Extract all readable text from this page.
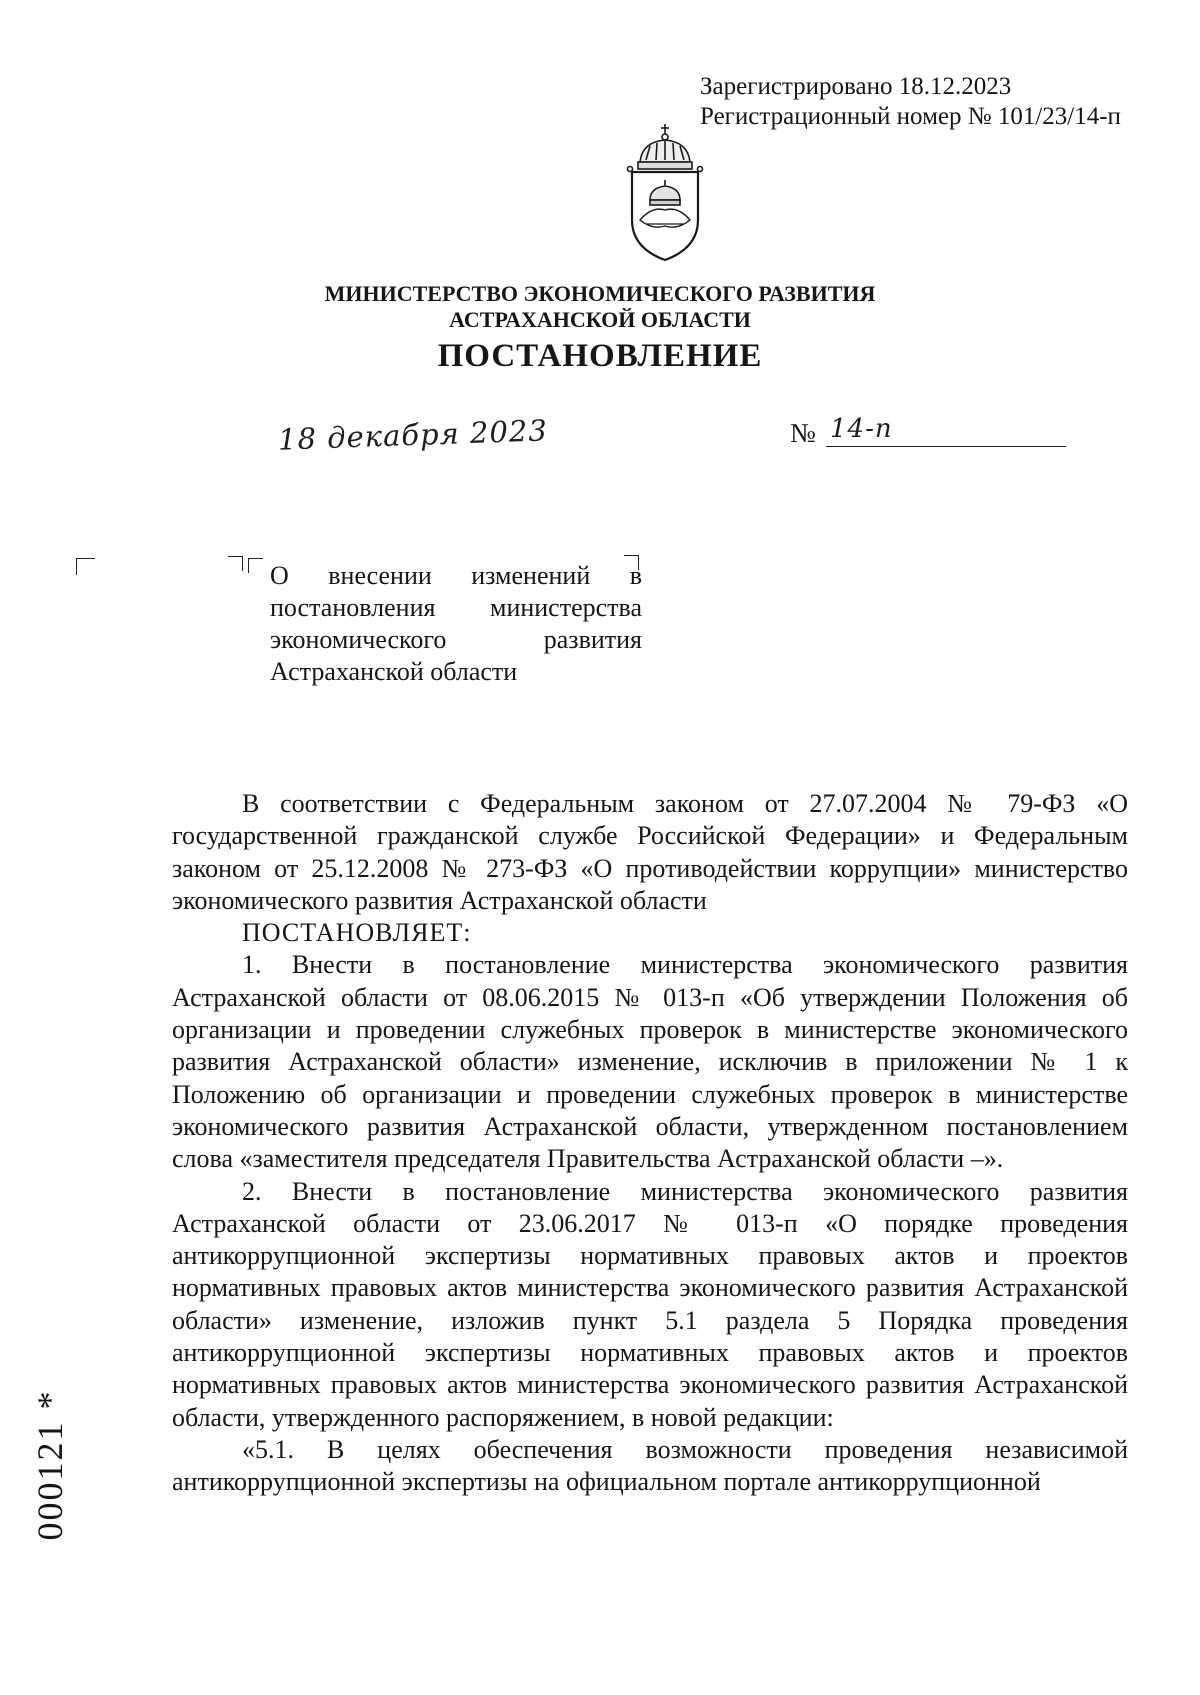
Зарегистрировано 18.12.2023
Регистрационный номер № 101/23/14-п
МИНИСТЕРСТВО ЭКОНОМИЧЕСКОГО РАЗВИТИЯ
АСТРАХАНСКОЙ ОБЛАСТИ
ПОСТАНОВЛЕНИЕ
18 декабря 2023	№ 14-п

О внесении изменений в

постановления министерства

экономического развития

Астраханской области

В соответствии с Федеральным законом от 27.07.2004 № 79-ФЗ «О государственной гражданской службе Российской Федерации» и Федеральным законом от 25.12.2008 № 273-ФЗ «О противодействии коррупции» министерство экономического развития Астраханской области

ПОСТАНОВЛЯЕТ:

1. Внести в постановление министерства экономического развития Астраханской области от 08.06.2015 № 013-п «Об утверждении Положения об организации и проведении служебных проверок в министерстве экономического развития Астраханской области» изменение, исключив в приложении № 1 к Положению об организации и проведении служебных проверок в министерстве экономического развития Астраханской области, утвержденном постановлением слова «заместителя председателя Правительства Астраханской области –».

2. Внести в постановление министерства экономического развития Астраханской области от 23.06.2017 № 013-п «О порядке проведения антикоррупционной экспертизы нормативных правовых актов и проектов нормативных правовых актов министерства экономического развития Астраханской области» изменение, изложив пункт 5.1 раздела 5 Порядка проведения антикоррупционной экспертизы нормативных правовых актов и проектов нормативных правовых актов министерства экономического развития Астраханской области, утвержденного распоряжением, в новой редакции:

«5.1. В целях обеспечения возможности проведения независимой антикоррупционной экспертизы на официальном портале антикоррупционной

000121 *
